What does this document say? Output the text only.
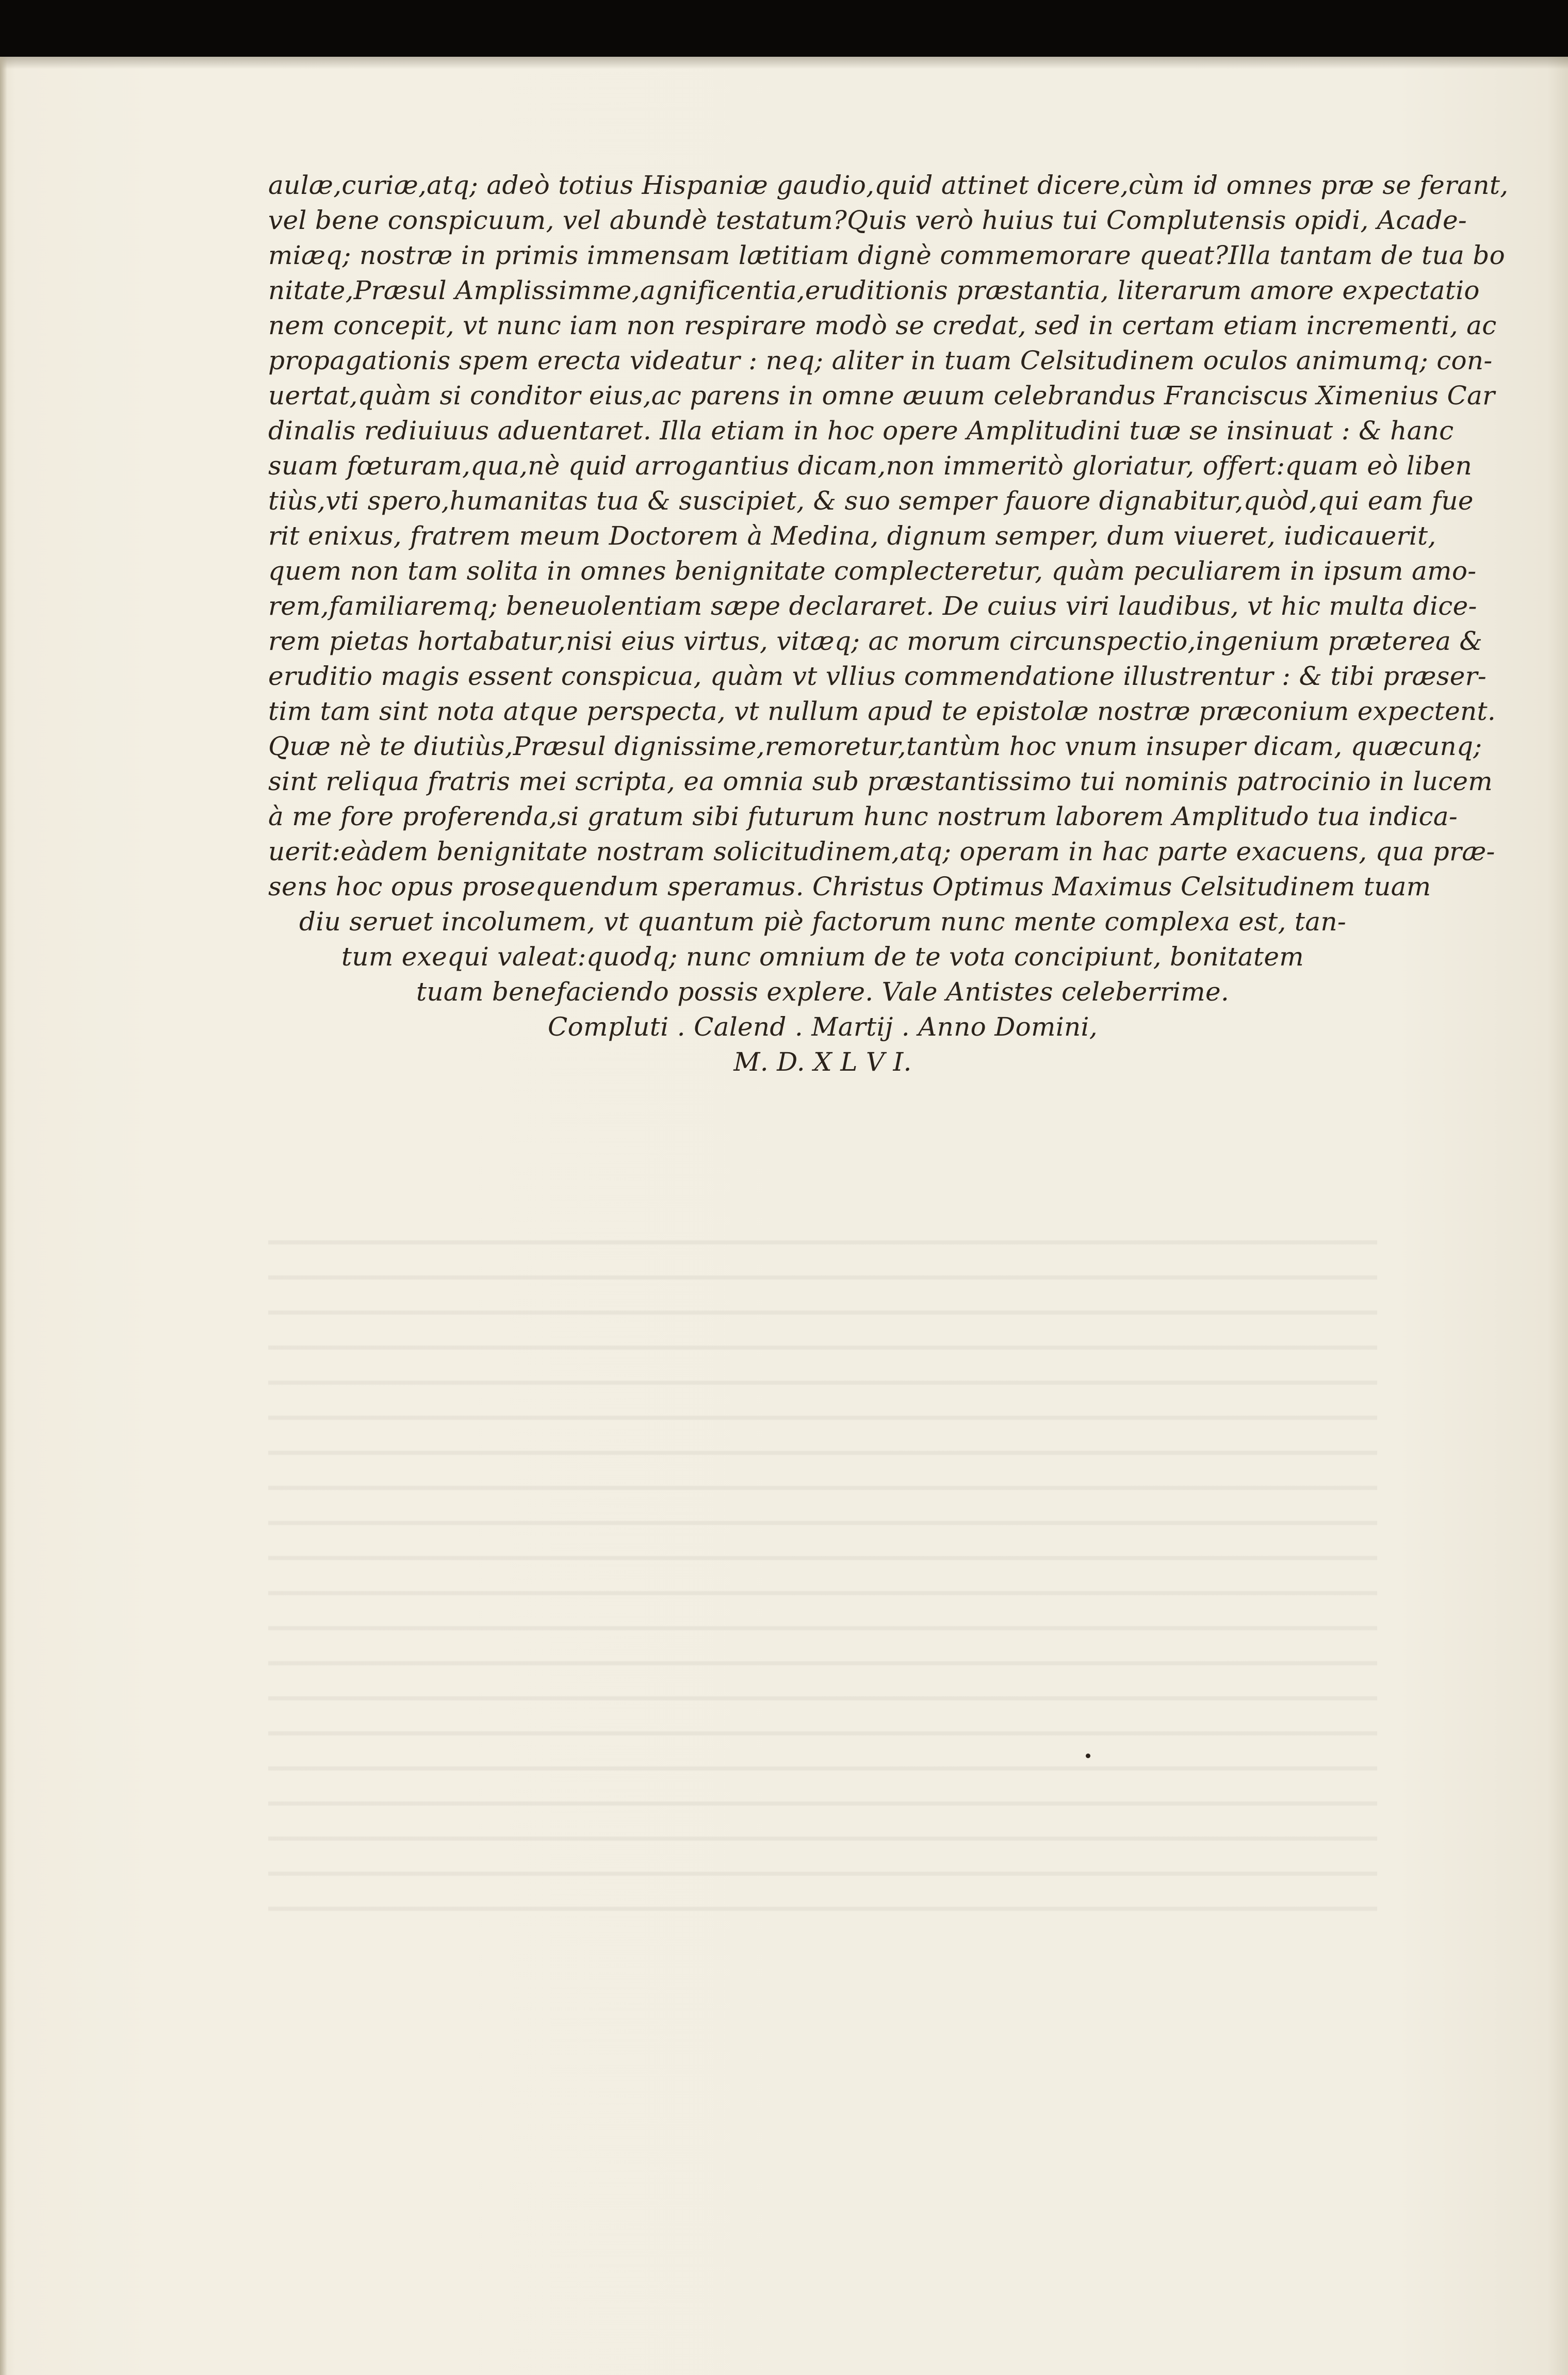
aulæ,curiæ,atq; adeò totius Hispaniæ gaudio,quid attinet dicere,cùm id omnes præ se ferant,
vel bene conspicuum, vel abundè testatum?Quis verò huius tui Complutensis opidi, Acade-
miæq; nostræ in primis immensam lætitiam dignè commemorare queat?Illa tantam de tua bo
nitate,Præsul Amplissimme,agnificentia,eruditionis præstantia, literarum amore expectatio
nem concepit, vt nunc iam non respirare modò se credat, sed in certam etiam incrementi, ac
propagationis spem erecta videatur : neq; aliter in tuam Celsitudinem oculos animumq; con-
uertat,quàm si conditor eius,ac parens in omne æuum celebrandus Franciscus Ximenius Car
dinalis rediuiuus aduentaret. Illa etiam in hoc opere Amplitudini tuæ se insinuat : & hanc
suam fœturam,qua,nè quid arrogantius dicam,non immeritò gloriatur, offert:quam eò liben
tiùs,vti spero,humanitas tua & suscipiet, & suo semper fauore dignabitur,quòd,qui eam fue
rit enixus, fratrem meum Doctorem à Medina, dignum semper, dum viueret, iudicauerit,
quem non tam solita in omnes benignitate complecteretur, quàm peculiarem in ipsum amo-
rem,familiaremq; beneuolentiam sæpe declararet. De cuius viri laudibus, vt hic multa dice-
rem pietas hortabatur,nisi eius virtus, vitæq; ac morum circunspectio,ingenium præterea &
eruditio magis essent conspicua, quàm vt vllius commendatione illustrentur : & tibi præser-
tim tam sint nota atque perspecta, vt nullum apud te epistolæ nostræ præconium expectent.
Quæ nè te diutiùs,Præsul dignissime,remoretur,tantùm hoc vnum insuper dicam, quæcunq;
sint reliqua fratris mei scripta, ea omnia sub præstantissimo tui nominis patrocinio in lucem
à me fore proferenda,si gratum sibi futurum hunc nostrum laborem Amplitudo tua indica-
uerit:eàdem benignitate nostram solicitudinem,atq; operam in hac parte exacuens, qua præ-
sens hoc opus prosequendum speramus. Christus Optimus Maximus Celsitudinem tuam
diu seruet incolumem, vt quantum piè factorum nunc mente complexa est, tan-
tum exequi valeat:quodq; nunc omnium de te vota concipiunt, bonitatem
tuam benefaciendo possis explere. Vale Antistes celeberrime.
Compluti . Calend . Martij . Anno Domini,
M. D. X L V I.
